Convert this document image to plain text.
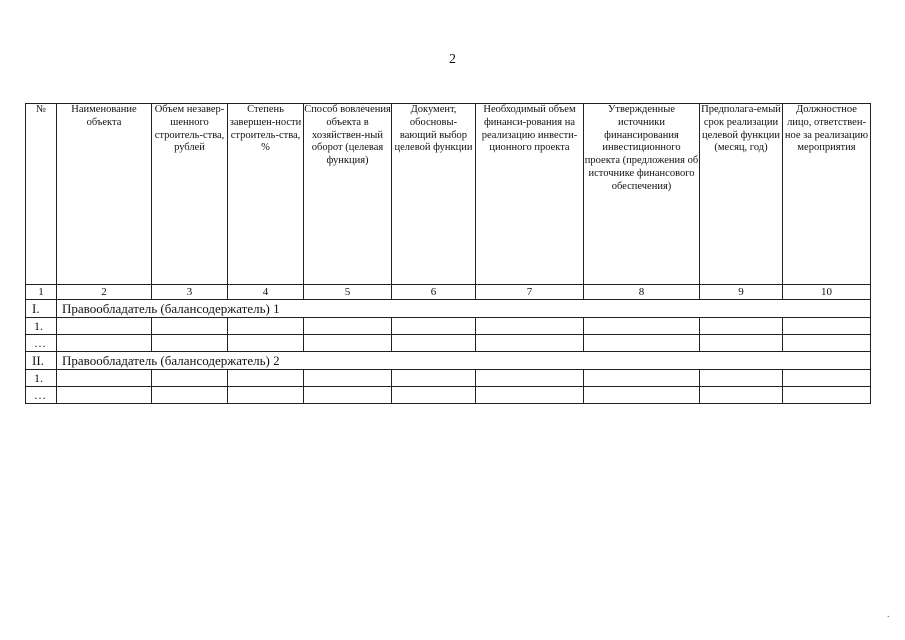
2
№	Наименование объекта	Объем незавер-шенного строитель-ства, рублей	Степень завершен-ности строитель-ства, %	Способ вовлечения объекта в хозяйствен-ный оборот (целевая функция)	Документ, обосновы-вающий выбор целевой функции	Необходимый объем финанси-рования на реализацию инвести-ционного проекта	Утвержденные источники финансирования инвестиционного проекта (предложения об источнике финансового обеспечения)	Предполага-емый срок реализации целевой функции (месяц, год)	Должностное лицо, ответствен-ное за реализацию мероприятия
1	2	3	4	5	6	7	8	9	10
I.	Правообладатель (балансодержатель) 1								
1.									
…									
II.	Правообладатель (балансодержатель) 2								
1.									
…									
.
